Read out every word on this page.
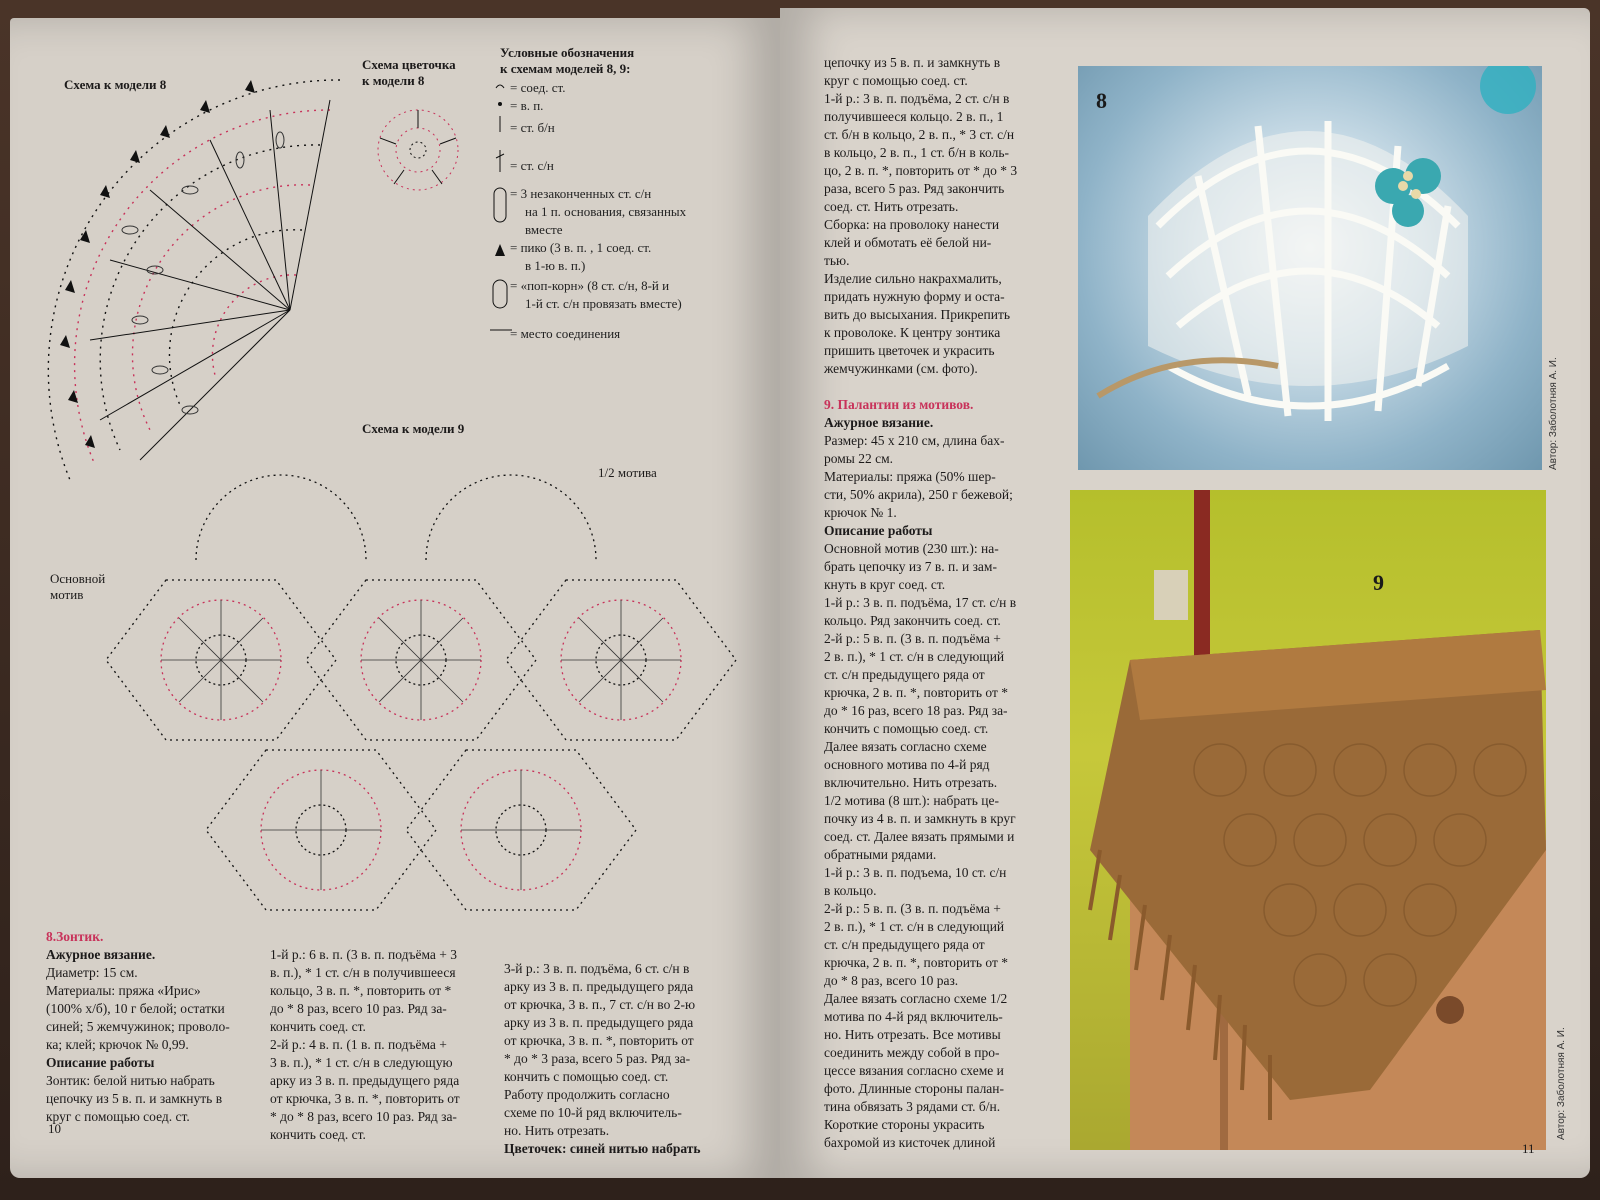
Схема к модели 8
Схема цветочка
к модели 8
Условные обозначения
к схемам моделей 8, 9:
= соед. ст.
= в. п.
= ст. б/н
= ст. с/н
= 3 незаконченных ст. с/н
на 1 п. основания, связанных
вместе
= пико (3 в. п. , 1 соед. ст.
в 1-ю в. п.)
= «поп-корн» (8 ст. с/н, 8-й и
1-й ст. с/н провязать вместе)
= место соединения
Схема к модели 9
1/2 мотива
Основной
мотив
8.Зонтик.
Ажурное вязание.
Диаметр: 15 см.
Материалы: пряжа «Ирис»
(100% х/б), 10 г белой; остатки
синей; 5 жемчужинок; проволо-
ка; клей; крючок № 0,99.
Описание работы
Зонтик: белой нитью набрать
цепочку из 5 в. п. и замкнуть в
круг с помощью соед. ст.
1-й р.: 6 в. п. (3 в. п. подъёма + 3
в. п.), * 1 ст. с/н в получившееся
кольцо, 3 в. п. *, повторить от *
до * 8 раз, всего 10 раз. Ряд за-
кончить соед. ст.
2-й р.: 4 в. п. (1 в. п. подъёма +
3 в. п.), * 1 ст. с/н в следующую
арку из 3 в. п. предыдущего ряда
от крючка, 3 в. п. *, повторить от
* до * 8 раз, всего 10 раз. Ряд за-
кончить соед. ст.
3-й р.: 3 в. п. подъёма, 6 ст. с/н в
арку из 3 в. п. предыдущего ряда
от крючка, 3 в. п., 7 ст. с/н во 2-ю
арку из 3 в. п. предыдущего ряда
от крючка, 3 в. п. *, повторить от
* до * 3 раза, всего 5 раз. Ряд за-
кончить с помощью соед. ст.
Работу продолжить согласно
схеме по 10-й ряд включитель-
но. Нить отрезать.
Цветочек: синей нитью набрать
10
цепочку из 5 в. п. и замкнуть в
круг с помощью соед. ст.
1-й р.: 3 в. п. подъёма, 2 ст. с/н в
получившееся кольцо. 2 в. п., 1
ст. б/н в кольцо, 2 в. п., * 3 ст. с/н
в кольцо, 2 в. п., 1 ст. б/н в коль-
цо, 2 в. п. *, повторить от * до * 3
раза, всего 5 раз. Ряд закончить
соед. ст. Нить отрезать.
Сборка: на проволоку нанести
клей и обмотать её белой ни-
тью.
Изделие сильно накрахмалить,
придать нужную форму и оста-
вить до высыхания. Прикрепить
к проволоке. К центру зонтика
пришить цветочек и украсить
жемчужинками (см. фото).
9. Палантин из мотивов.
Ажурное вязание.
Размер: 45 х 210 см, длина бах-
ромы 22 см.
Материалы: пряжа (50% шер-
сти, 50% акрила), 250 г бежевой;
крючок № 1.
Описание работы
Основной мотив (230 шт.): на-
брать цепочку из 7 в. п. и зам-
кнуть в круг соед. ст.
1-й р.: 3 в. п. подъёма, 17 ст. с/н в
кольцо. Ряд закончить соед. ст.
2-й р.: 5 в. п. (3 в. п. подъёма +
2 в. п.), * 1 ст. с/н в следующий
ст. с/н предыдущего ряда от
крючка, 2 в. п. *, повторить от *
до * 16 раз, всего 18 раз. Ряд за-
кончить с помощью соед. ст.
Далее вязать согласно схеме
основного мотива по 4-й ряд
включительно. Нить отрезать.
1/2 мотива (8 шт.): набрать це-
почку из 4 в. п. и замкнуть в круг
соед. ст. Далее вязать прямыми и
обратными рядами.
1-й р.: 3 в. п. подъема, 10 ст. с/н
в кольцо.
2-й р.: 5 в. п. (3 в. п. подъёма +
2 в. п.), * 1 ст. с/н в следующий
ст. с/н предыдущего ряда от
крючка, 2 в. п. *, повторить от *
до * 8 раз, всего 10 раз.
Далее вязать согласно схеме 1/2
мотива по 4-й ряд включитель-
но. Нить отрезать. Все мотивы
соединить между собой в про-
цессе вязания согласно схеме и
фото. Длинные стороны палан-
тина обвязать 3 рядами ст. б/н.
Короткие стороны украсить
бахромой из кисточек длиной
8
Автор: Заболотняя А. И.
9
Автор: Заболотняя А. И.
11
